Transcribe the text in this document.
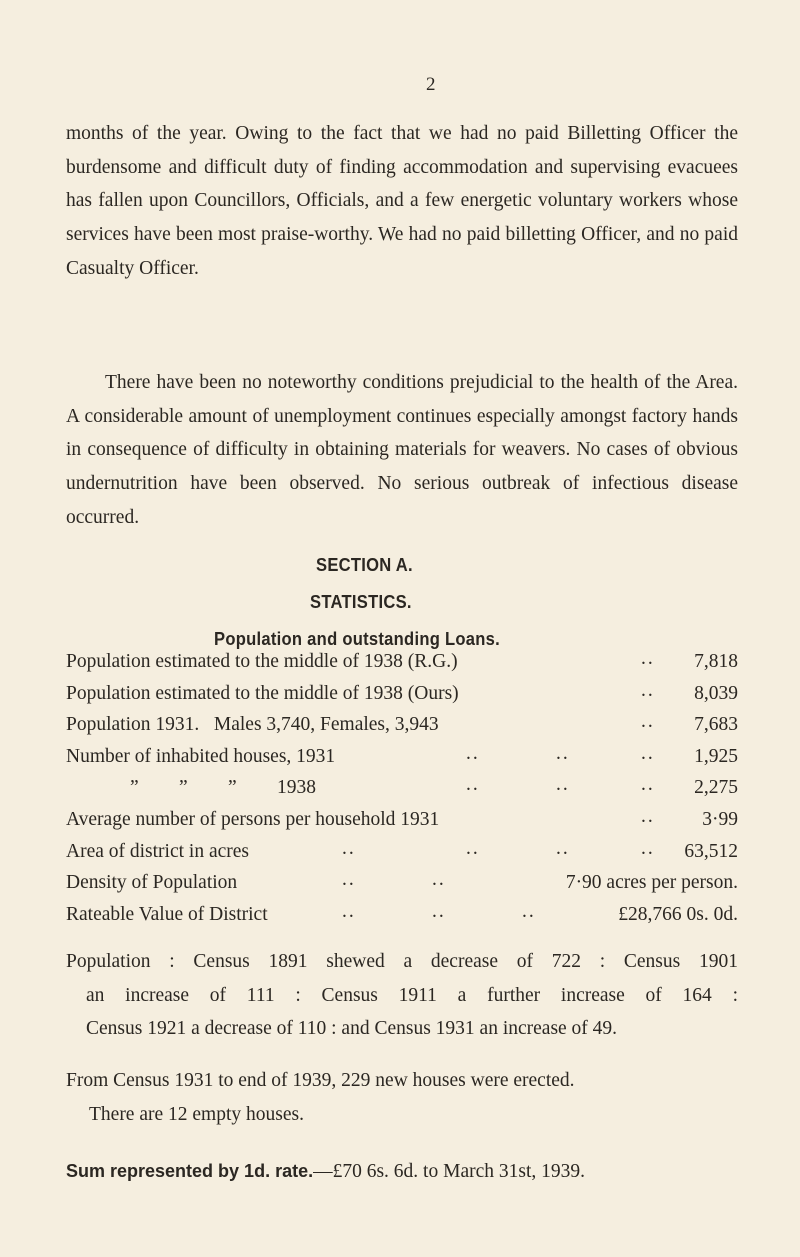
2
months of the year. Owing to the fact that we had no paid Billetting Officer the burdensome and difficult duty of finding accommodation and supervising evacuees has fallen upon Councillors, Officials, and a few energetic voluntary workers whose services have been most praise-worthy. We had no paid billetting Officer, and no paid Casualty Officer.

There have been no noteworthy conditions prejudicial to the health of the Area. A considerable amount of unemployment continues especially amongst factory hands in consequence of difficulty in obtaining materials for weavers. No cases of obvious undernutrition have been observed. No serious outbreak of infectious disease occurred.

SECTION A.
STATISTICS.
Population and outstanding Loans.
Population estimated to the middle of 1938 (R.G.)	.. 7,818
Population estimated to the middle of 1938 (Ours)	.. 8,039
Population 1931.   Males 3,740, Females, 3,943	.. 7,683
Number of inhabited houses, 1931	..	..	.. 1,925
” ” ” 1938	..	..	.. 2,275
Average number of persons per household 1931	.. 3·99
Area of district in acres	..	..	..	.. 63,512
Density of Population	..	..	7·90 acres per person.
Rateable Value of District	..	..	..	£28,766 0s. 0d.
Population : Census 1891 shewed a decrease of 722 : Census 1901
an increase of 111 : Census 1911 a further increase of 164 :
Census 1921 a decrease of 110 : and Census 1931 an increase of 49.
From Census 1931 to end of 1939, 229 new houses were erected.
There are 12 empty houses.
Sum represented by 1d. rate.—£70 6s. 6d. to March 31st, 1939.
